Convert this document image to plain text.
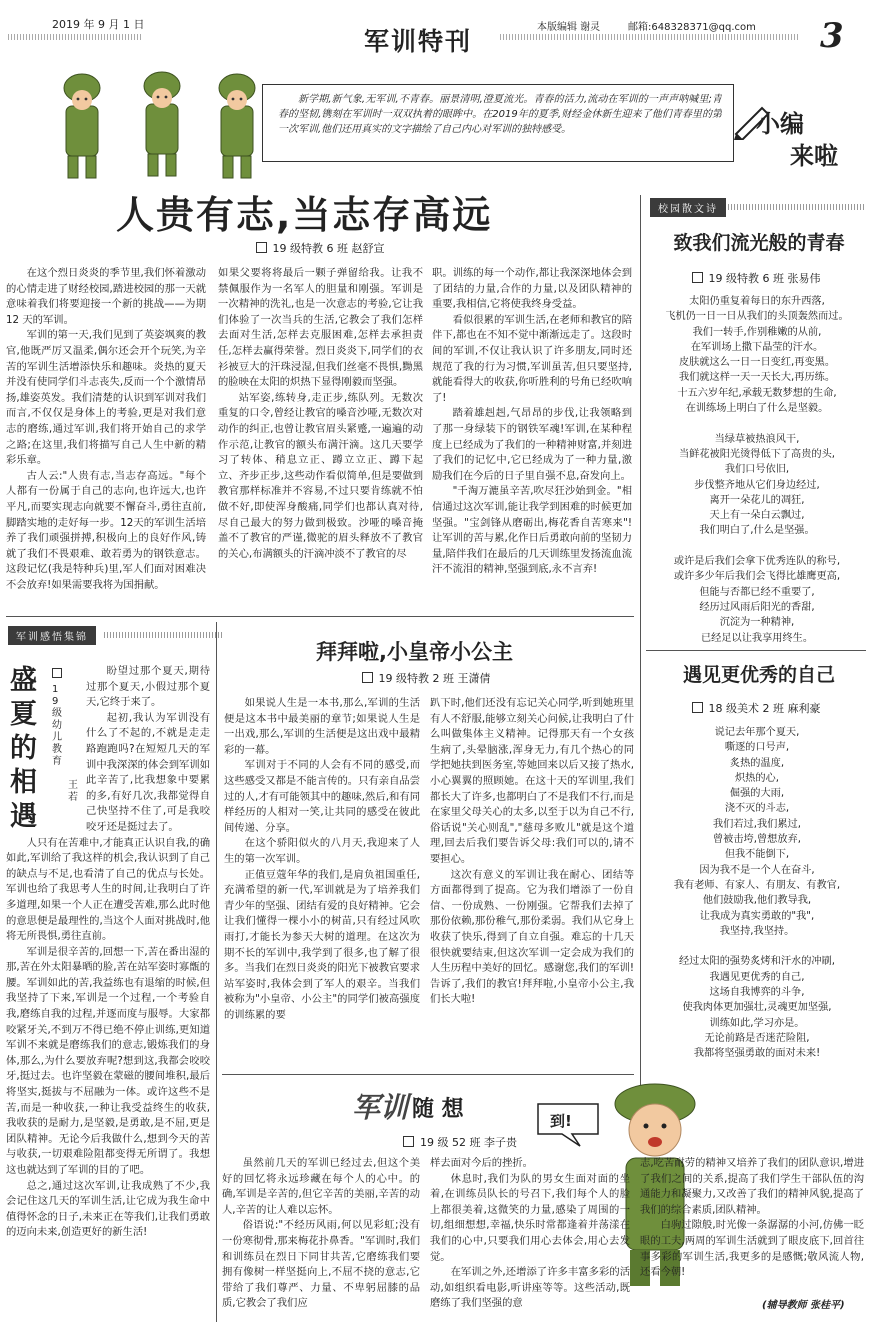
2019 年 9 月 1 日
军训特刊	本版编辑 谢灵	邮箱:648328371@qq.com 3

新学期,新气象,无军训,不青春。丽景清明,澄夏流光。青春的活力,流动在军训的一声声呐喊里;青春的坚韧,镌刻在军训时一双双执着的眼眸中。在2019年的夏季,财经金休新生迎来了他们青春里的第一次军训,他们还用真实的文字描绘了自己内心对军训的独特感受。	小编
来啦
人贵有志,当志存高远
19 级特教 6 班 赵舒宣

在这个烈日炎炎的季节里,我们怀着激动的心情走进了财经校园,踏进校园的那一天就意味着我们将要迎接一个新的挑战——为期 12 天的军训。

军训的第一天,我们见到了英姿飒爽的教官,他既严厉又温柔,偶尔还会开个玩笑,为辛苦的军训生活增添快乐和趣味。炎热的夏天并没有使同学们斗志丧失,反而一个个激情昂扬,雄姿英发。我们清楚的认识到军训对我们而言,不仅仅是身体上的考验,更是对我们意志的磨练,通过军训,我们将开始自己的求学之路;在这里,我们将描写自己人生中新的精彩乐章。

古人云:"人贵有志,当志存高远。"每个人都有一份属于自己的志向,也许远大,也许平凡,而要实现志向就要不懈奋斗,勇往直前,脚踏实地的走好每一步。12天的军训生活培养了我们顽强拼搏,积极向上的良好作风,铸就了我们不畏艰难、敢若勇为的钢铁意志。这段记忆(我是特种兵)里,军人们面对困难决不会放弃!如果需要我将为国捐献。

如果父要将将最后一颗子弹留给我。让我不禁佩服作为一名军人的胆量和刚强。军训是一次精神的洗礼,也是一次意志的考验,它让我们体验了一次当兵的生活,它教会了我们怎样去面对生活,怎样去克服困难,怎样去承担责任,怎样去赢得荣誉。烈日炎炎下,同学们的衣衫被豆大的汗珠浸湿,但我们丝毫不畏惧,黝黑的脸映在太阳的炽热下显得刚毅而坚强。

站军姿,练转身,走正步,练队列。无数次重复的口令,曾经让教官的嗓音沙哑,无数次对动作的纠正,也曾让教官眉头紧蹙,一遍遍的动作示范,让教官的额头布满汗滴。这几天要学习了转体、稍息立正、蹲立立正、蹲下起立、齐步正步,这些动作看似简单,但是要做到教官那样标准并不容易,不过只要肯练就不怕做不好,即使浑身酸痛,同学们也都认真对待,尽自己最大的努力做到极致。沙哑的嗓音掩盖不了教官的严谨,微驼的眉头释放不了教官的关心,布满额头的汗滴冲淡不了教官的尽

职。训练的每一个动作,都让我深深地体会到了团结的力量,合作的力量,以及团队精神的重要,我相信,它将使我终身受益。

看似很累的军训生活,在老师和教官的陪伴下,都也在不知不觉中渐渐远走了。这段时间的军训,不仅让我认识了许多朋友,同时还规范了我的行为习惯,军训虽苦,但只要坚持,就能看得大的收获,你听胜利的号角已经吹响了!

踏着雄赳赳,气昂昂的步伐,让我领略到了那一身绿装下的钢铁军魂!军训,在某种程度上已经成为了我们的一种精神财富,并刻进了我们的记忆中,它已经成为了一种力量,激励我们在今后的日子里自强不息,奋发向上。

"千淘万漉虽辛苦,吹尽狂沙始到金。"相信通过这次军训,能让我学到困难的时候更加坚强。"宝剑锋从磨砺出,梅花香自苦寒来"!让军训的苦与累,化作日后勇敢向前的坚韧力量,陪伴我们在最后的几天训练里发扬流血流汗不流泪的精神,坚强到底,永不言弃!

校园散文诗
致我们流光般的青春
19 级特教 6 班 张易伟

太阳仍重复着每日的东升西落,

飞机仍一日一日从我们的头顶轰然而过。

我们一转手,作别稚嫩的从前,

在军训场上撒下晶莹的汗水。

皮肤就这么一日一日变红,再变黑。

我们就这样一天一天长大,再历练。

十五六岁年纪,承载无数梦想的生命,

在训练场上明白了什么是坚毅。

当绿草被热浪风干,

当鲜花被阳光烫得低下了高贵的头,

我们口号依旧,

步伐整齐地从它们身边经过,

离开一朵花儿的凋狂,

天上有一朵白云飘过,

我们明白了,什么是坚强。

或许是后我们会拿下优秀连队的称号,

或许多少年后我们会飞得比雄鹰更高,

但能与否都已经不重要了,

经历过风雨后阳光的香甜,

沉淀为一种精神,

已经足以让我享用终生。

遇见更优秀的自己
18 级美术 2 班 麻利豪

说记去年那个夏天,

嘶逐的口号声,

炙热的温度,

炽热的心,

倔强的大雨,

浇不灭的斗志,

我们若过,我们累过,

曾被击垮,曾想放弃,

但我不能倒下,

因为我不是一个人在奋斗,

我有老师、有家人、有朋友、有教官,

他们鼓励我,他们教导我,

让我成为真实勇敢的"我",

我坚持,我坚持。

经过太阳的强势炙烤和汗水的冲刷,

我遇见更优秀的自己,

这场自我博弈的斗争,

使我肉体更加强壮,灵魂更加坚强,

训练如此,学习亦是。

无论前路是否迷茫险阻,

我都将坚强勇敢的面对未来!

军训感悟集锦
盛夏的相遇
19级幼儿教育
王若

盼望过那个夏天,期待过那个夏天,小假过那个夏天,它终于来了。

起初,我认为军训没有什么了不起的,不就是走走路跑跑吗?在短短几天的军训中我深深的体会到军训如此辛苦了,比我想象中要累的多,有好几次,我都觉得自己快坚持不住了,可是我咬咬牙还是挺过去了。

人只有在苦难中,才能真正认识自我,的确如此,军训给了我这样的机会,我认识到了自己的缺点与不足,也看清了自己的优点与长处。军训也给了我思考人生的时间,让我明白了许多道理,如果一个人正在遭受苦难,那么此时他的意思便是最理性的,当这个人面对挑战时,他将无所畏惧,勇往直前。

军训是很辛苦的,回想一下,苦在番出湿的那,苦在外太阳暴晒的脸,苦在站军姿时寡甑的腰。军训如此的苦,我益练也有退缩的时候,但我坚持了下来,军训是一个过程,一个考验自我,磨练自我的过程,并逐而度与服辱。大家都咬紧牙关,不到万不得已绝不停止训练,更知道军训不来就是磨练我们的意志,锻炼我们的身体,那么,为什么要放弃呢?想到这,我都会咬咬牙,挺过去。也许坚毅在蒙磁的腰间堆积,最后将坚实,挺拔与不屈融为一体。或许这些不是苦,而是一种收获,一种让我受益终生的收获,我收获的是耐力,是坚毅,是勇敢,是不屈,更是团队精神。无论今后我做什么,想到今天的苦与收获,一切艰难险阻都变得无所谓了。我想这也就达到了军训的目的了吧。

总之,通过这次军训,让我成熟了不少,我会记住这几天的军训生活,让它成为我生命中值得怀念的日子,未来正在等我们,让我们勇敢的迈向未来,创造更好的新生活!

拜拜啦,小皇帝小公主
19 级特教 2 班 王潇倩

如果说人生是一本书,那么,军训的生活便是这本书中最美丽的章节;如果说人生是一出戏,那么,军训的生活便是这出戏中最精彩的一幕。

军训对于不同的人会有不同的感受,而这些感受又都是不能言传的。只有亲自品尝过的人,才有可能领其中的趣味,然后,和有同样经历的人相对一笑,让共同的感受在彼此间传递、分享。

在这个骄阳似火的八月天,我迎来了人生的第一次军训。

正值豆蔻年华的我们,是肩负祖国重任,充满希望的新一代,军训就是为了培养我们青少年的坚强、团结有爱的良好精神。它会让我们懂得一棵小小的树苗,只有经过风吹雨打,才能长为参天大树的道理。在这次为期不长的军训中,我学到了很多,也了解了很多。当我们在烈日炎炎的阳光下被教官要求站军姿时,我体会到了军人的艰辛。当我们被称为"小皇帝、小公主"的同学们被高强度的训练累的要

趴下时,他们还没有忘记关心同学,听到她班里有人不舒服,能够立刻关心问候,让我明白了什么叫做集体主义精神。记得那天有一个女孩生病了,头晕脑涨,浑身无力,有几个热心的同学把她扶到医务室,等她回来以后又接了热水,小心翼翼的照顾她。在这十天的军训里,我们都长大了许多,也都明白了不是我们不行,而是在家里父母关心的太多,以至于以为自己不行,俗话说"关心则乱","慈母多败儿"就是这个道理,回去后我们要告诉父母:我们可以的,请不要担心。

这次有意义的军训让我在耐心、团结等方面都得到了提高。它为我们增添了一份自信、一份成熟、一份刚强。它帮我们去掉了那份依赖,那份稚气,那份柔弱。我们从它身上收获了快乐,得到了自立自强。难忘的十几天很快就要结束,但这次军训一定会成为我们的人生历程中美好的回忆。感谢您,我们的军训!告诉了,我们的教官!拜拜啦,小皇帝小公主,我们长大啦!

军训 随 想
19 级 52 班 李子贵
到!

虽然前几天的军训已经过去,但这个美好的回忆将永远珍藏在每个人的心中。的确,军训是辛苦的,但它辛苦的美丽,辛苦的动人,辛苦的让人难以忘怀。

俗语说:"不经历风雨,何以见彩虹;没有一份寒彻骨,那来梅花扑鼻香。"军训时,我们和训练员在烈日下同甘共苦,它磨练我们要拥有像树一样坚挺向上,不屈不挠的意志,它带给了我们尊严、力量、不卑躬屈膝的品质,它教会了我们应

样去面对今后的挫折。

休息时,我们为队的男女生面对面的坐着,在训练员队长的号召下,我们每个人的脸上都很美着,这微笑的力量,感染了周围的一切,组细想想,幸福,快乐时常都逢着并荡漾在我们的心中,只要我们用心去体会,用心去发觉。

在军训之外,还增添了许多丰富多彩的活动,如组织看电影,听讲座等等。这些活动,既磨练了我们坚强的意

志,吃苦耐劳的精神又培养了我们的团队意识,增进了我们之间的关系,提高了我们学生干部队伍的沟通能力和凝聚力,又改善了我们的精神风貌,提高了我们的综合素质,团队精神。

白驹过隙般,时光像一条潺潺的小河,仿佛一眨眼的工夫,两周的军训生活就到了眼皮底下,回首往事多彩的军训生活,我更多的是感慨;敬风流人物,还看今朝!

(辅导教师 张桂平)
